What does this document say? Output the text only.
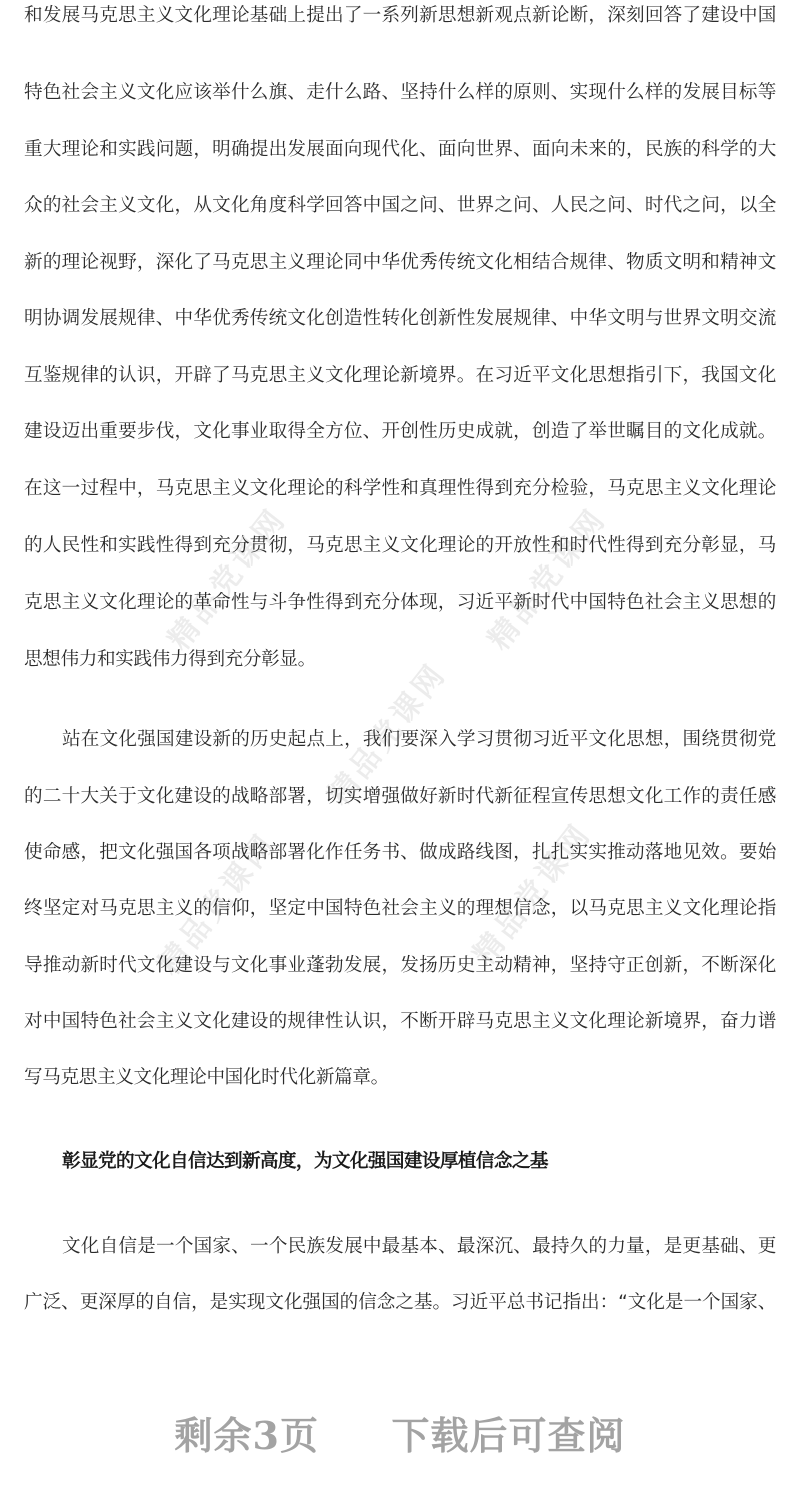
精品党课网	精品党课网
精品党课网
精品党课网	精品党课网
和发展马克思主义文化理论基础上提出了一系列新思想新观点新论断，深刻回答了建设中国
特色社会主义文化应该举什么旗、走什么路、坚持什么样的原则、实现什么样的发展目标等
重大理论和实践问题，明确提出发展面向现代化、面向世界、面向未来的，民族的科学的大
众的社会主义文化，从文化角度科学回答中国之问、世界之问、人民之问、时代之问，以全
新的理论视野，深化了马克思主义理论同中华优秀传统文化相结合规律、物质文明和精神文
明协调发展规律、中华优秀传统文化创造性转化创新性发展规律、中华文明与世界文明交流
互鉴规律的认识，开辟了马克思主义文化理论新境界。在习近平文化思想指引下，我国文化
建设迈出重要步伐，文化事业取得全方位、开创性历史成就，创造了举世瞩目的文化成就。
在这一过程中，马克思主义文化理论的科学性和真理性得到充分检验，马克思主义文化理论
的人民性和实践性得到充分贯彻，马克思主义文化理论的开放性和时代性得到充分彰显，马
克思主义文化理论的革命性与斗争性得到充分体现，习近平新时代中国特色社会主义思想的
思想伟力和实践伟力得到充分彰显。
站在文化强国建设新的历史起点上，我们要深入学习贯彻习近平文化思想，围绕贯彻党
的二十大关于文化建设的战略部署，切实增强做好新时代新征程宣传思想文化工作的责任感
使命感，把文化强国各项战略部署化作任务书、做成路线图，扎扎实实推动落地见效。要始
终坚定对马克思主义的信仰，坚定中国特色社会主义的理想信念，以马克思主义文化理论指
导推动新时代文化建设与文化事业蓬勃发展，发扬历史主动精神，坚持守正创新，不断深化
对中国特色社会主义文化建设的规律性认识，不断开辟马克思主义文化理论新境界，奋力谱
写马克思主义文化理论中国化时代化新篇章。
彰显党的文化自信达到新高度，为文化强国建设厚植信念之基
文化自信是一个国家、一个民族发展中最基本、最深沉、最持久的力量，是更基础、更
广泛、更深厚的自信，是实现文化强国的信念之基。习近平总书记指出：“文化是一个国家、
剩余3页 下载后可查阅
